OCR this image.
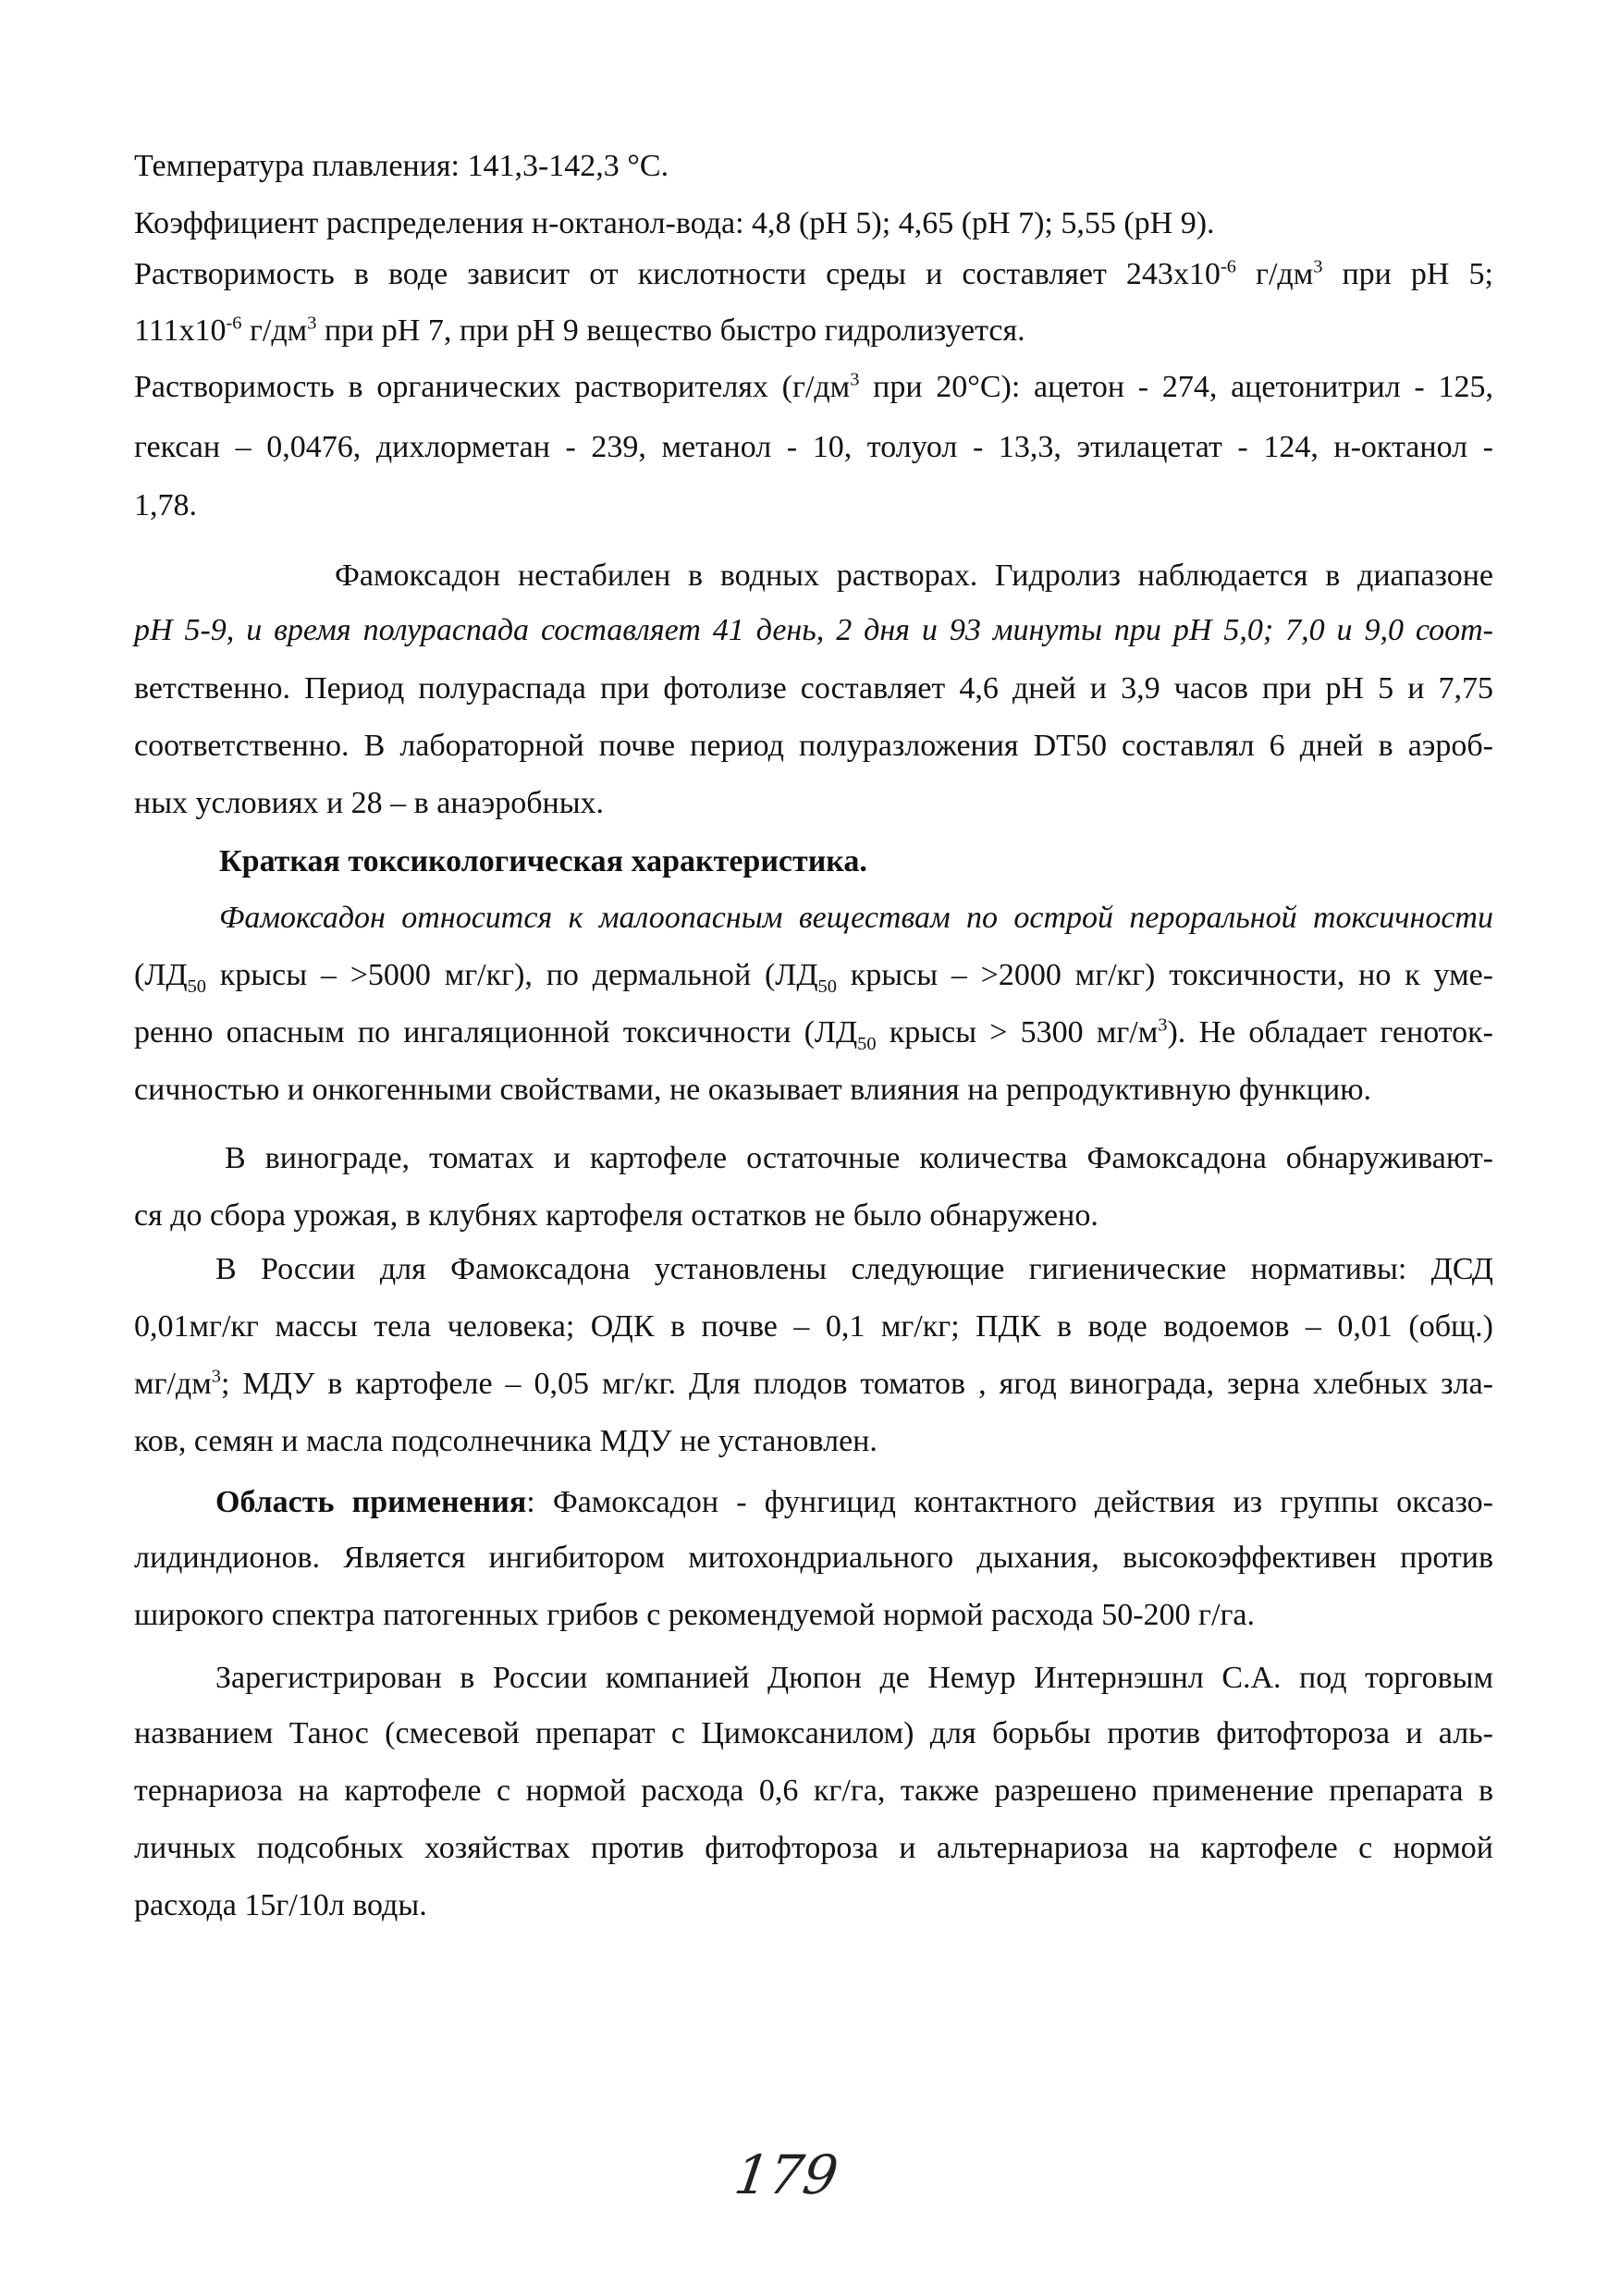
Температура плавления: 141,3-142,3 °C.
Коэффициент распределения н-октанол-вода: 4,8 (pH 5); 4,65 (pH 7); 5,55 (pH 9).
Растворимость в воде зависит от кислотности среды и составляет $243х10^{-6}$ $г/дм^3$ при pH 5;
$111х10^{-6}$ $г/дм^3$ при pH 7, при pH 9 вещество быстро гидролизуется.
Растворимость в органических растворителях ($г/дм^3$ при 20°C): ацетон - 274, ацетонитрил - 125,
гексан – 0,0476, дихлорметан - 239, метанол - 10, толуол - 13,3, этилацетат - 124, н-октанол -
1,78.
Фамоксадон нестабилен в водных растворах. Гидролиз наблюдается в диапазоне
pH 5-9, и время полураспада составляет 41 день, 2 дня и 93 минуты при pH 5,0; 7,0 и 9,0 соот-
ветственно. Период полураспада при фотолизе составляет 4,6 дней и 3,9 часов при pH 5 и 7,75
соответственно. В лабораторной почве период полуразложения DT50 составлял 6 дней в аэроб-
ных условиях и 28 – в анаэробных.
Краткая токсикологическая характеристика.
Фамоксадон относится к малоопасным веществам по острой пероральной токсичности
($ЛД_{50}$ крысы – >5000 мг/кг), по дермальной ($ЛД_{50}$ крысы – >2000 мг/кг) токсичности, но к уме-
ренно опасным по ингаляционной токсичности ($ЛД_{50}$ крысы > 5300 $мг/м^3$). Не обладает геноток-
сичностью и онкогенными свойствами, не оказывает влияния на репродуктивную функцию.
В винограде, томатах и картофеле остаточные количества Фамоксадона обнаруживают-
ся до сбора урожая, в клубнях картофеля остатков не было обнаружено.
В России для Фамоксадона установлены следующие гигиенические нормативы: ДСД
0,01мг/кг массы тела человека; ОДК в почве – 0,1 мг/кг; ПДК в воде водоемов – 0,01 (общ.)
$мг/дм^3$; МДУ в картофеле – 0,05 мг/кг. Для плодов томатов , ягод винограда, зерна хлебных зла-
ков, семян и масла подсолнечника МДУ не установлен.
Область применения: Фамоксадон - фунгицид контактного действия из группы оксазо-
лидиндионов. Является ингибитором митохондриального дыхания, высокоэффективен против
широкого спектра патогенных грибов с рекомендуемой нормой расхода 50-200 г/га.
Зарегистрирован в России компанией Дюпон де Немур Интернэшнл С.А. под торговым
названием Танос (смесевой препарат с Цимоксанилом) для борьбы против фитофтороза и аль-
тернариоза на картофеле с нормой расхода 0,6 кг/га, также разрешено применение препарата в
личных подсобных хозяйствах против фитофтороза и альтернариоза на картофеле с нормой
расхода 15г/10л воды.
179
